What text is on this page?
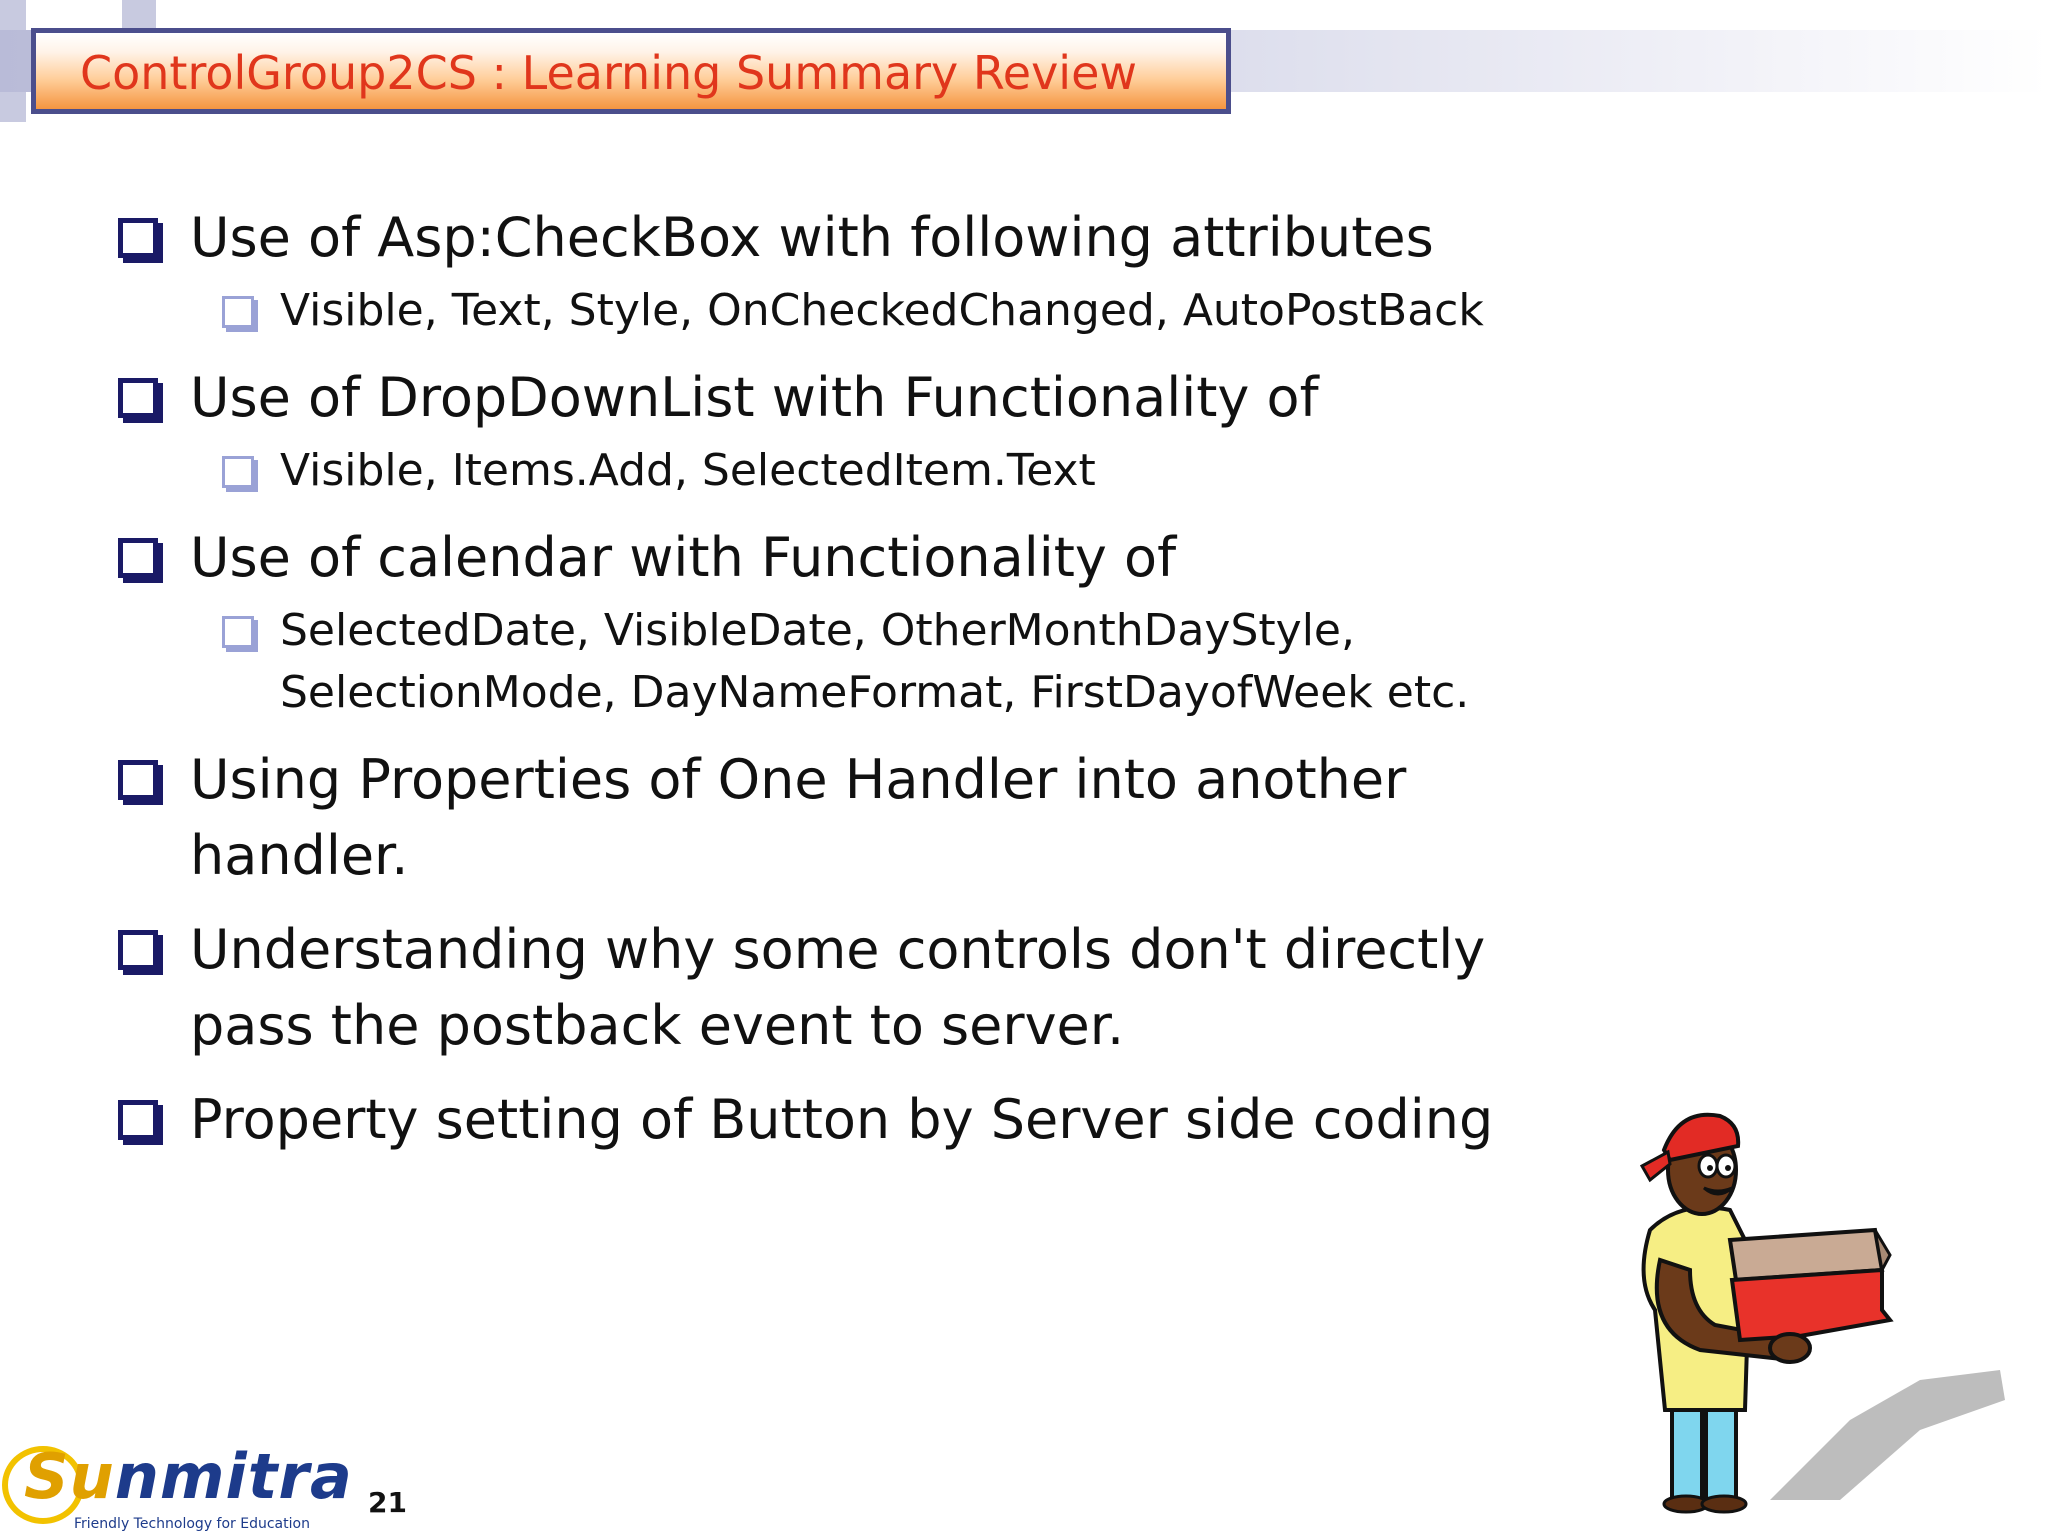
ControlGroup2CS : Learning Summary Review
Use of Asp:CheckBox with following attributes
Visible, Text, Style, OnCheckedChanged, AutoPostBack
Use of DropDownList with Functionality of
Visible, Items.Add, SelectedItem.Text
Use of calendar with Functionality of
SelectedDate, VisibleDate, OtherMonthDayStyle,
SelectionMode, DayNameFormat, FirstDayofWeek etc.
Using Properties of One Handler into another
handler.
Understanding why some controls don't directly
pass the postback event to server.
Property setting of Button by Server side coding
Sunmitra
Friendly Technology for Education
21
